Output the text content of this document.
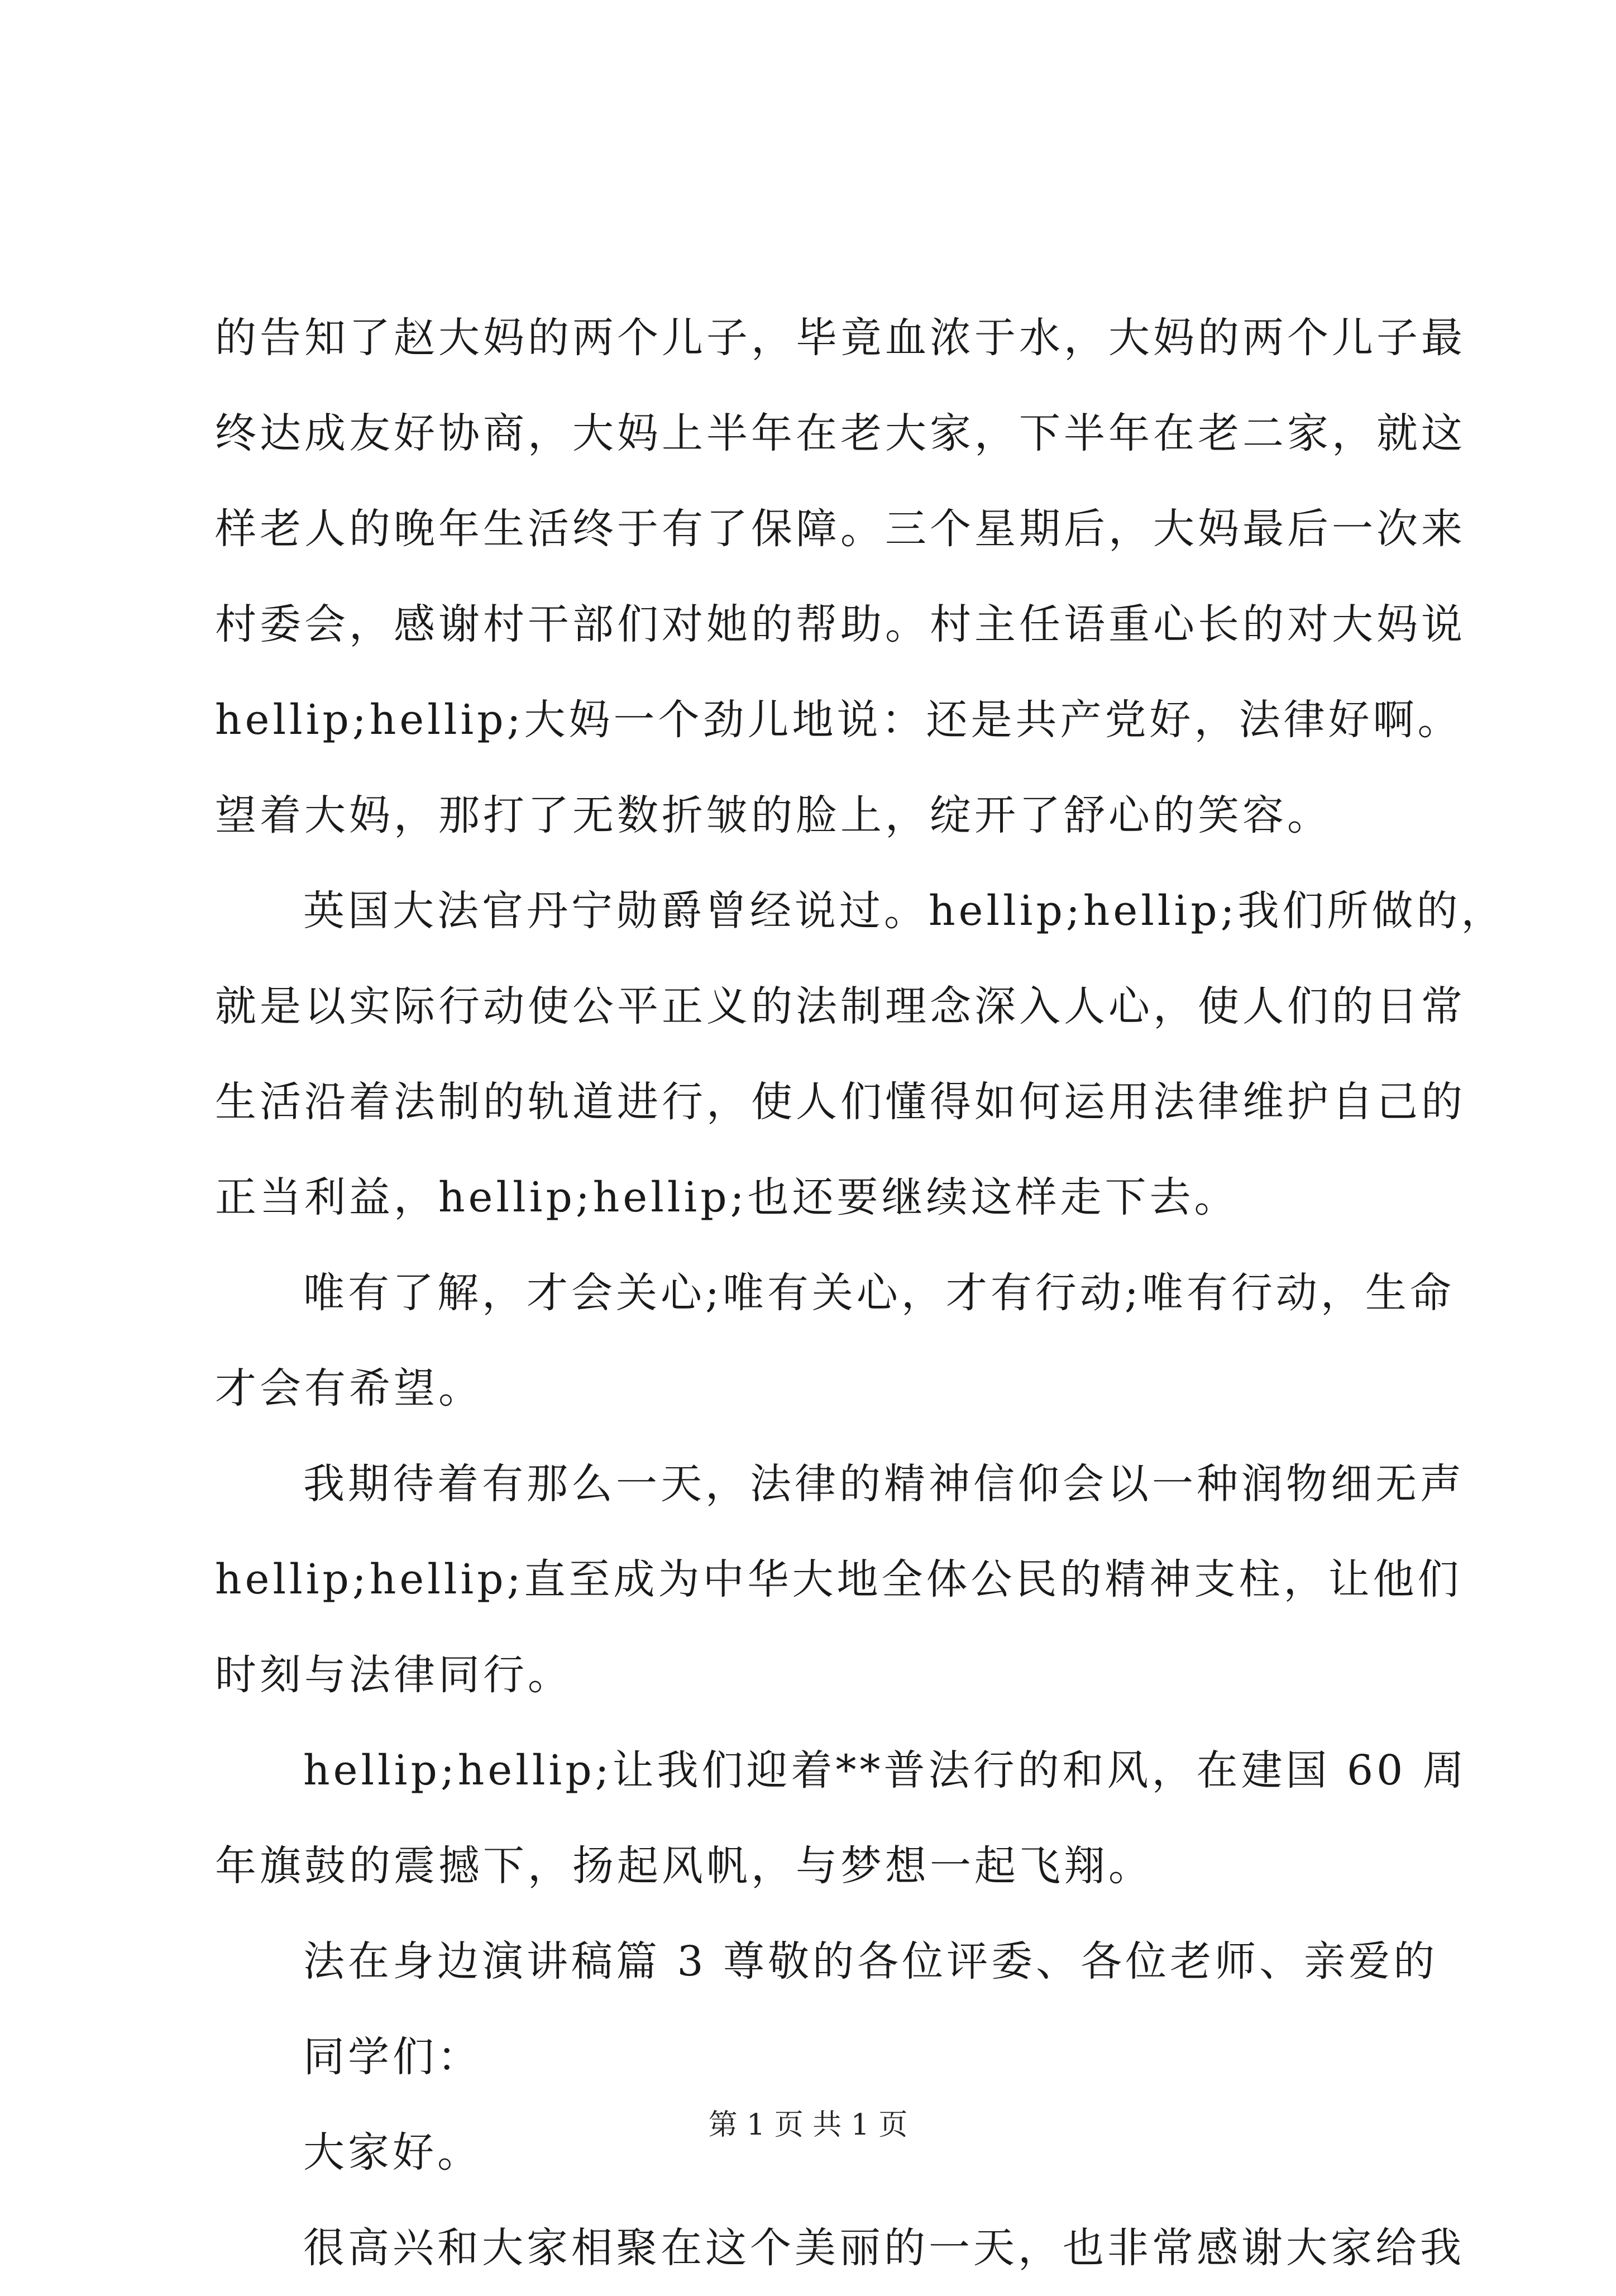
的告知了赵大妈的两个儿子，毕竟血浓于水，大妈的两个儿子最
终达成友好协商，大妈上半年在老大家，下半年在老二家，就这
样老人的晚年生活终于有了保障。三个星期后，大妈最后一次来
村委会，感谢村干部们对她的帮助。村主任语重心长的对大妈说
hellip;hellip;大妈一个劲儿地说：还是共产党好，法律好啊。
望着大妈，那打了无数折皱的脸上，绽开了舒心的笑容。
英国大法官丹宁勋爵曾经说过。hellip;hellip;我们所做的，
就是以实际行动使公平正义的法制理念深入人心，使人们的日常
生活沿着法制的轨道进行，使人们懂得如何运用法律维护自己的
正当利益，hellip;hellip;也还要继续这样走下去。
唯有了解，才会关心;唯有关心，才有行动;唯有行动，生命
才会有希望。
我期待着有那么一天，法律的精神信仰会以一种润物细无声
hellip;hellip;直至成为中华大地全体公民的精神支柱，让他们
时刻与法律同行。
hellip;hellip;让我们迎着**普法行的和风，在建国 60 周
年旗鼓的震撼下，扬起风帆，与梦想一起飞翔。
法在身边演讲稿篇 3 尊敬的各位评委、各位老师、亲爱的
同学们：
大家好。
很高兴和大家相聚在这个美丽的一天，也非常感谢大家给我
第 1 页 共 1 页
